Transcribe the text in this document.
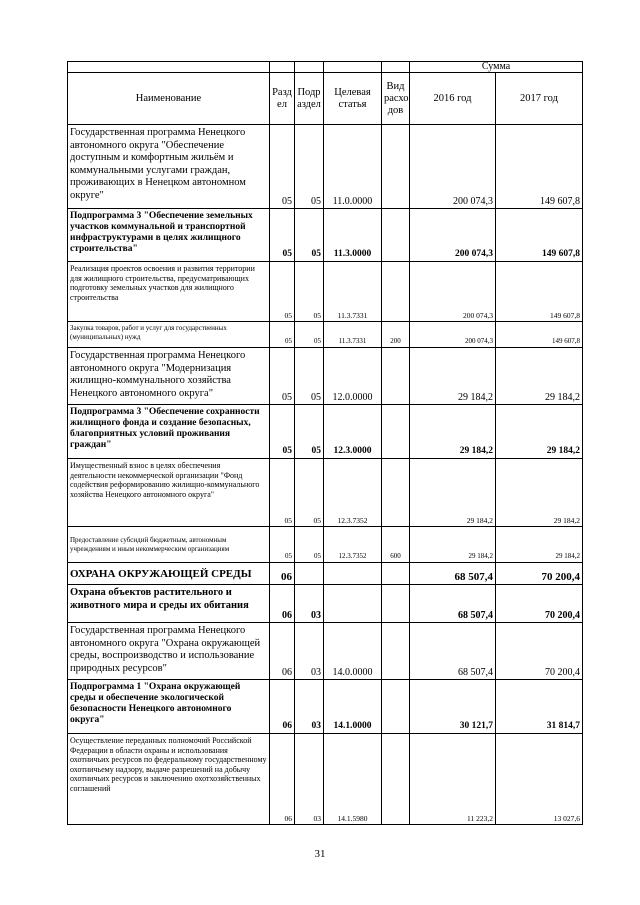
					Сумма	
Наименование	Разд ел	Подр аздел	Целевая статья	Вид расхо дов	2016 год	2017 год
Государственная программа Ненецкого автономного округа "Обеспечение доступным и комфортным жильём и коммунальными услугами граждан, проживающих в Ненецком автономном округе"	05	05	11.0.0000		200 074,3	149 607,8
Подпрограмма 3 "Обеспечение земельных участков коммунальной и транспортной инфраструктурами в целях жилищного строительства"	05	05	11.3.0000		200 074,3	149 607,8
Реализация проектов освоения и развития территории для жилищного строительства, предусматривающих подготовку земельных участков для жилищного строительства	05	05	11.3.7331		200 074,3	149 607,8
Закупка товаров, работ и услуг для государственных (муниципальных) нужд	05	05	11.3.7331	200	200 074,3	149 607,8
Государственная программа Ненецкого автономного округа "Модернизация жилищно-коммунального хозяйства Ненецкого автономного округа"	05	05	12.0.0000		29 184,2	29 184,2
Подпрограмма 3 "Обеспечение сохранности жилищного фонда и создание безопасных, благоприятных условий проживания граждан"	05	05	12.3.0000		29 184,2	29 184,2
Имущественный взнос в целях обеспечения деятельности некоммерческой организации "Фонд содействия реформированию жилищно-коммунального хозяйства Ненецкого автономного округа"	05	05	12.3.7352		29 184,2	29 184,2
Предоставление субсидий бюджетным, автономным учреждениям и иным некоммерческим организациям	05	05	12.3.7352	600	29 184,2	29 184,2
ОХРАНА ОКРУЖАЮЩЕЙ СРЕДЫ	06				68 507,4	70 200,4
Охрана объектов растительного и животного мира и среды их обитания	06	03			68 507,4	70 200,4
Государственная программа Ненецкого автономного округа "Охрана окружающей среды, воспроизводство и использование природных ресурсов"	06	03	14.0.0000		68 507,4	70 200,4
Подпрограмма 1 "Охрана окружающей среды и обеспечение экологической безопасности Ненецкого автономного округа"	06	03	14.1.0000		30 121,7	31 814,7
Осуществление переданных полномочий Российской Федерации в области охраны и использования охотничьих ресурсов по федеральному государственному охотничьему надзору, выдаче разрешений на добычу охотничьих ресурсов и заключению охотхозяйственных соглашений	06	03	14.1.5980		11 223,2	13 027,6
31
